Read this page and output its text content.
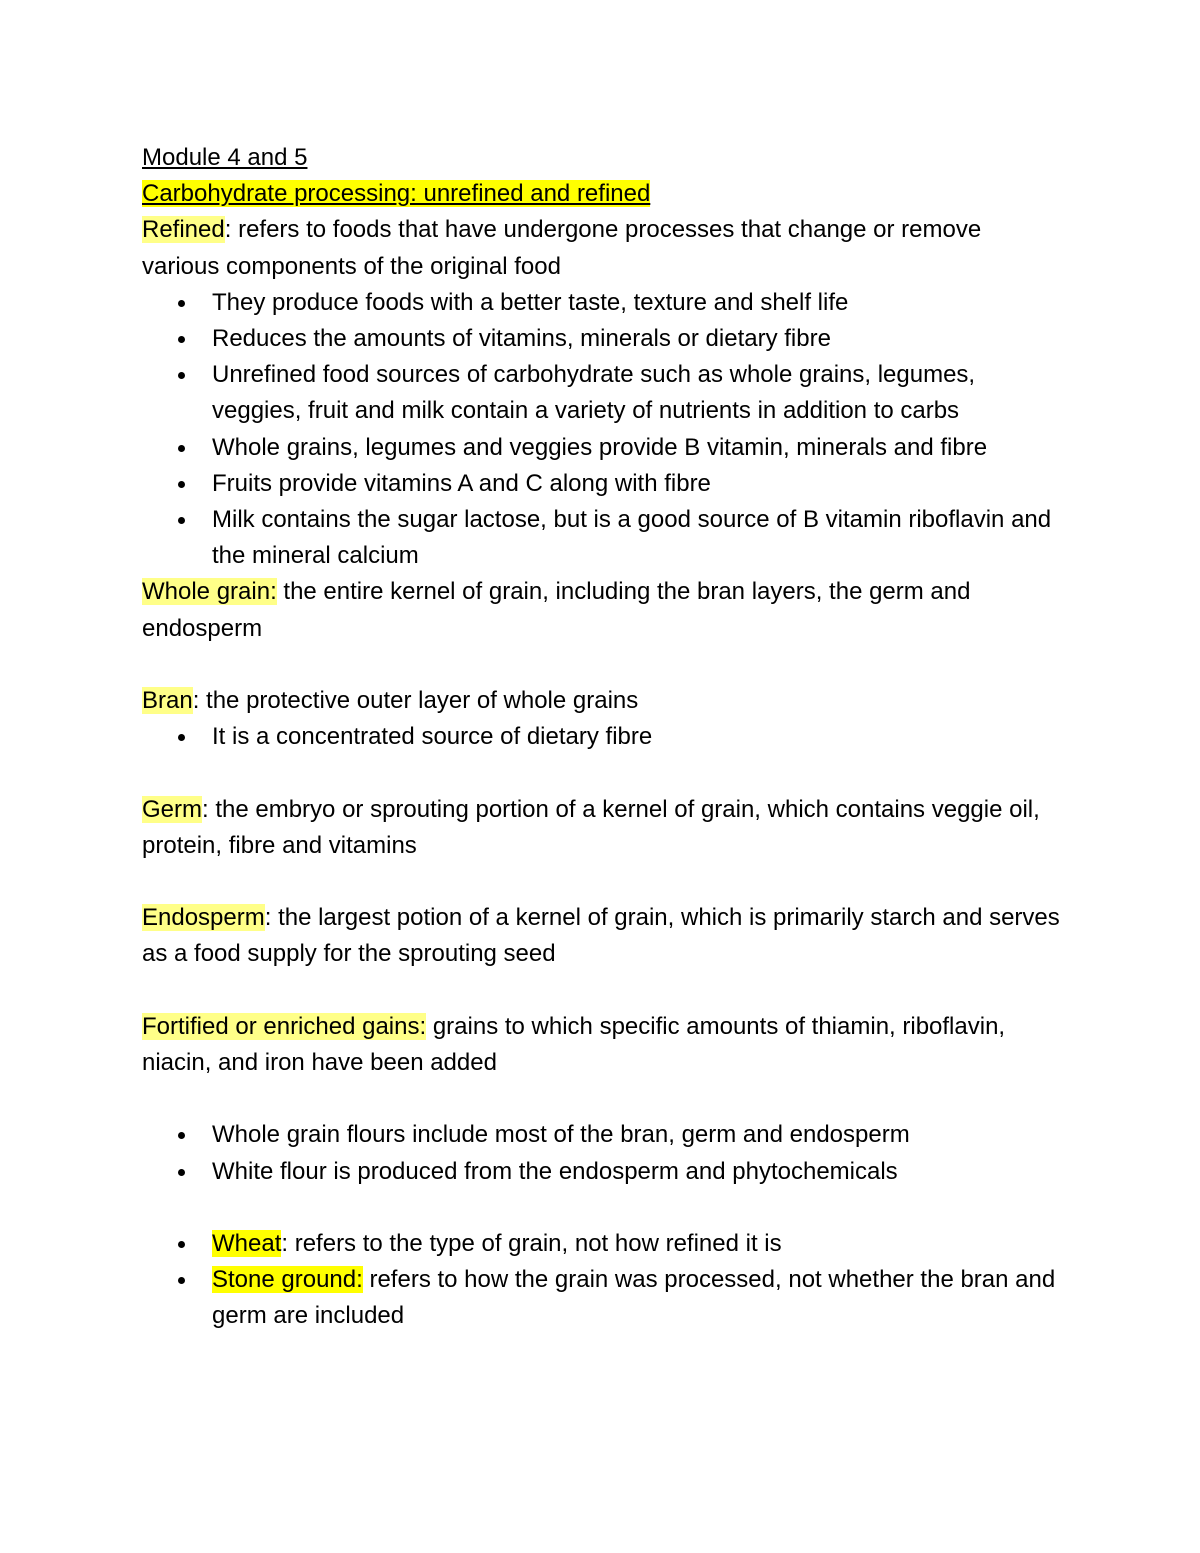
Module 4 and 5

Carbohydrate processing: unrefined and refined

Refined: refers to foods that have undergone processes that change or remove various components of the original food

They produce foods with a better taste, texture and shelf life
Reduces the amounts of vitamins, minerals or dietary fibre
Unrefined food sources of carbohydrate such as whole grains, legumes, veggies, fruit and milk contain a variety of nutrients in addition to carbs
Whole grains, legumes and veggies provide B vitamin, minerals and fibre
Fruits provide vitamins A and C along with fibre
Milk contains the sugar lactose, but is a good source of B vitamin riboflavin and the mineral calcium

Whole grain: the entire kernel of grain, including the bran layers, the germ and endosperm

Bran: the protective outer layer of whole grains

It is a concentrated source of dietary fibre

Germ: the embryo or sprouting portion of a kernel of grain, which contains veggie oil, protein, fibre and vitamins

Endosperm: the largest potion of a kernel of grain, which is primarily starch and serves as a food supply for the sprouting seed

Fortified or enriched gains: grains to which specific amounts of thiamin, riboflavin, niacin, and iron have been added

Whole grain flours include most of the bran, germ and endosperm
White flour is produced from the endosperm and phytochemicals
Wheat: refers to the type of grain, not how refined it is
Stone ground: refers to how the grain was processed, not whether the bran and germ are included
